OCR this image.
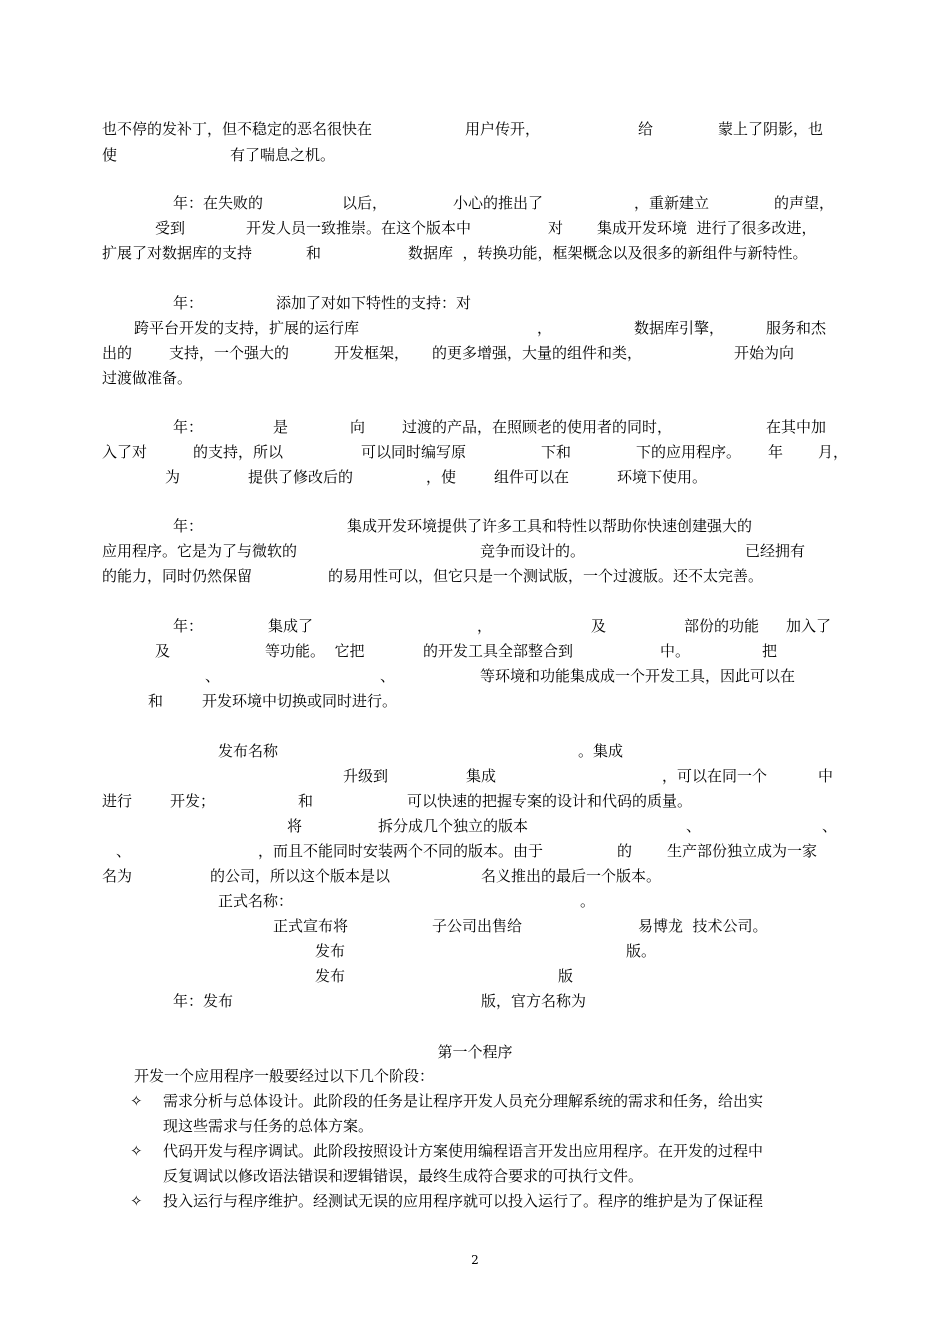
也不停的发补丁，但不稳定的恶名很快在	用户传开，	给	蒙上了阴影，也
使	有了喘息之机。
年：在失败的	以后，	小心的推出了	，重新建立	的声望，
受到	开发人员一致推崇。在这个版本中	对 集成开发环境  进行了很多改进，
扩展了对数据库的支持	和	数据库  ，转换功能，框架概念以及很多的新组件与新特性。
年：	添加了对如下特性的支持：对
跨平台开发的支持，扩展的运行库	，	数据库引擎，	服务和杰
出的 支持，一个强大的	开发框架， 的更多增强，大量的组件和类，	开始为向
过渡做准备。
年：	是	向 过渡的产品，在照顾老的使用者的同时，	在其中加
入了对	的支持，所以	可以同时编写原	下和	下的应用程序。 年 月，
为	提供了修改后的	，使	组件可以在	环境下使用。
年：	集成开发环境提供了许多工具和特性以帮助你快速创建强大的
应用程序。它是为了与微软的	竞争而设计的。	已经拥有
的能力，同时仍然保留	的易用性可以，但它只是一个测试版，一个过渡版。还不太完善。
年：	集成了	，	及	部份的功能 加入了
及	等功能。  它把	的开发工具全部整合到	中。	把
、	、	等环境和功能集成成一个开发工具，因此可以在
和	开发环境中切换或同时进行。
发布名称	。集成
升级到	集成	，可以在同一个	中
进行	开发；	和	可以快速的把握专案的设计和代码的质量。
将	拆分成几个独立的版本	、	、
、	，而且不能同时安装两个不同的版本。由于	的 生产部份独立成为一家
名为	的公司，所以这个版本是以	名义推出的最后一个版本。
正式名称：	。
正式宣布将	子公司出售给	易博龙  技术公司。
发布	版。
发布	版
年：发布	版，官方名称为
第一个程序
开发一个应用程序一般要经过以下几个阶段：
✧ 需求分析与总体设计。此阶段的任务是让程序开发人员充分理解系统的需求和任务，给出实
现这些需求与任务的总体方案。
✧ 代码开发与程序调试。此阶段按照设计方案使用编程语言开发出应用程序。在开发的过程中
反复调试以修改语法错误和逻辑错误，最终生成符合要求的可执行文件。
✧ 投入运行与程序维护。经测试无误的应用程序就可以投入运行了。程序的维护是为了保证程
2
